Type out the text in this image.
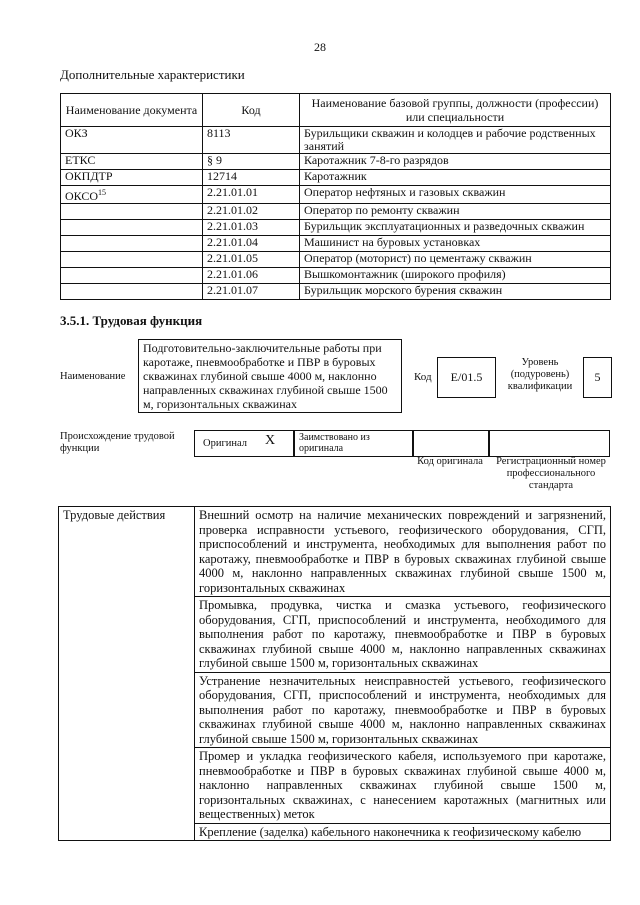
28
Дополнительные характеристики
Наименование документа	Код	Наименование базовой группы, должности (профессии) или специальности
ОКЗ	8113	Бурильщики скважин и колодцев и рабочие родственных занятий
ЕТКС	§ 9	Каротажник 7-8-го разрядов
ОКПДТР	12714	Каротажник
ОКСО$^{15}$	2.21.01.01	Оператор нефтяных и газовых скважин
	2.21.01.02	Оператор по ремонту скважин
	2.21.01.03	Бурильщик эксплуатационных и разведочных скважин
	2.21.01.04	Машинист на буровых установках
	2.21.01.05	Оператор (моторист) по цементажу скважин
	2.21.01.06	Вышкомонтажник (широкого профиля)
	2.21.01.07	Бурильщик морского бурения скважин
3.5.1. Трудовая функция
Наименование
Подготовительно-заключительные работы при каротаже, пневмообработке и ПВР в буровых скважинах глубиной свыше 4000 м, наклонно направленных скважинах глубиной свыше 1500 м, горизонтальных скважинах
Код	E/01.5
Уровень (подуровень) квалификации
5
Происхождение трудовой функции	Оригинал X	Заимствовано из оригинала
Код оригинала	Регистрационный номер профессионального стандарта
Трудовые действия	Внешний осмотр на наличие механических повреждений и загрязнений, проверка исправности устьевого, геофизического оборудования, СГП, приспособлений и инструмента, необходимых для выполнения работ по каротажу, пневмообработке и ПВР в буровых скважинах глубиной свыше 4000 м, наклонно направленных скважинах глубиной свыше 1500 м, горизонтальных скважинах
Промывка, продувка, чистка и смазка устьевого, геофизического оборудования, СГП, приспособлений и инструмента, необходимого для выполнения работ по каротажу, пневмообработке и ПВР в буровых скважинах глубиной свыше 4000 м, наклонно направленных скважинах глубиной свыше 1500 м, горизонтальных скважинах
Устранение незначительных неисправностей устьевого, геофизического оборудования, СГП, приспособлений и инструмента, необходимых для выполнения работ по каротажу, пневмообработке и ПВР в буровых скважинах глубиной свыше 4000 м, наклонно направленных скважинах глубиной свыше 1500 м, горизонтальных скважинах
Промер и укладка геофизического кабеля, используемого при каротаже, пневмообработке и ПВР в буровых скважинах глубиной свыше 4000 м, наклонно направленных скважинах глубиной свыше 1500 м, горизонтальных скважинах, с нанесением каротажных (магнитных или вещественных) меток
Крепление (заделка) кабельного наконечника к геофизическому кабелю
